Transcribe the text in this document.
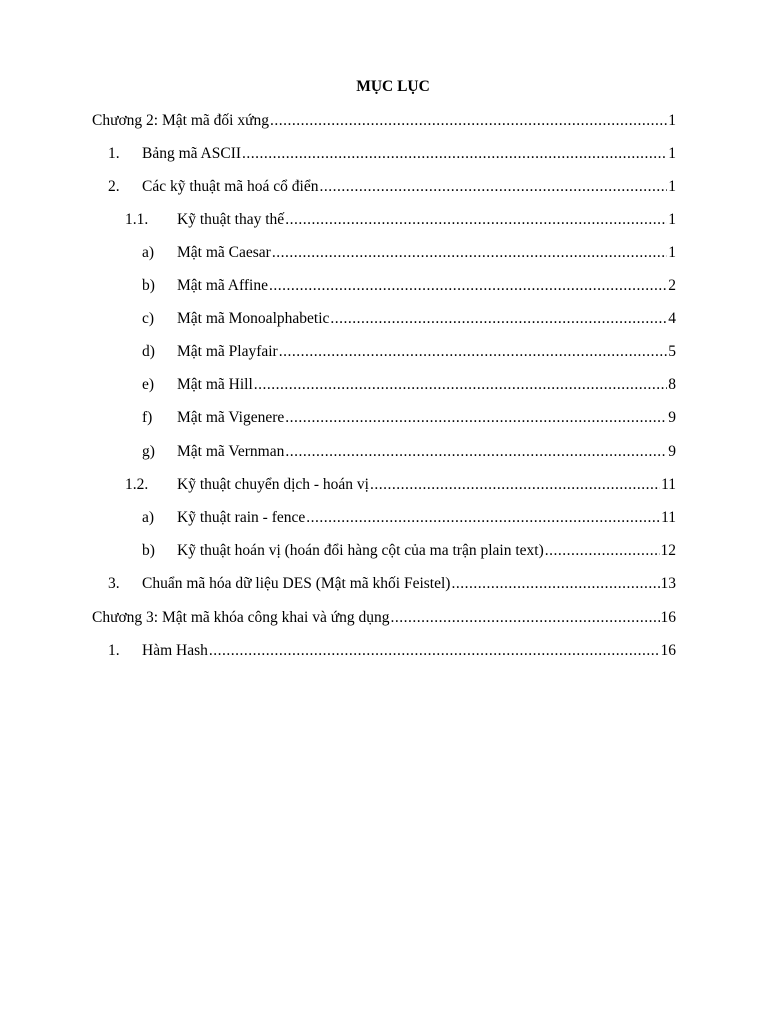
MỤC LỤC
Chương 2: Mật mã đối xứng .....	1
1. Bảng mã ASCII .....	1
2. Các kỹ thuật mã hoá cổ điển .....	1
1.1. Kỹ thuật thay thế .....	1
a) Mật mã Caesar .....	1
b) Mật mã Affine .....	2
c) Mật mã Monoalphabetic .....	4
d) Mật mã Playfair .....	5
e) Mật mã Hill .....	8
f) Mật mã Vigenere .....	9
g) Mật mã Vernman .....	9
1.2. Kỹ thuật chuyển dịch - hoán vị .....	11
a) Kỹ thuật rain - fence .....	11
b) Kỹ thuật hoán vị (hoán đổi hàng cột của ma trận plain text) .....	12
3. Chuẩn mã hóa dữ liệu DES (Mật mã khối Feistel) .....	13
Chương 3: Mật mã khóa công khai và ứng dụng .....	16
1. Hàm Hash .....	16
